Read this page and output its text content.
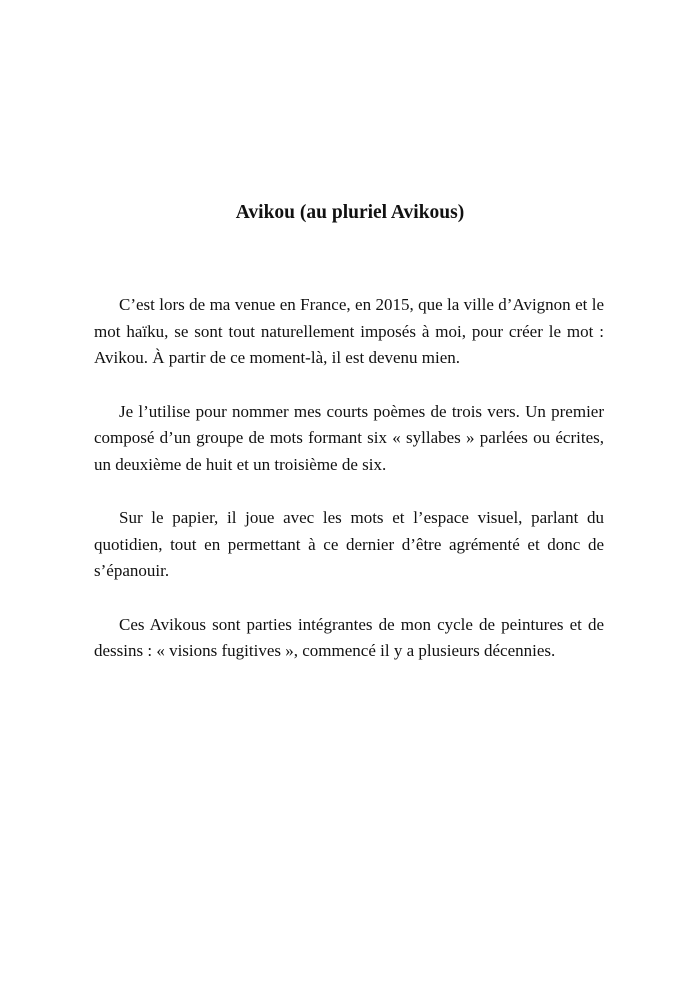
Avikou (au pluriel Avikous)

C’est lors de ma venue en France, en 2015, que la ville d’Avignon et le mot haïku, se sont tout naturellement imposés à moi, pour créer le mot : Avikou. À partir de ce moment-là, il est devenu mien.

Je l’utilise pour nommer mes courts poèmes de trois vers. Un premier composé d’un groupe de mots formant six « syllabes » parlées ou écrites, un deuxième de huit et un troisième de six.

Sur le papier, il joue avec les mots et l’espace visuel, parlant du quotidien, tout en permettant à ce dernier d’être agrémenté et donc de s’épanouir.

Ces Avikous sont parties intégrantes de mon cycle de peintures et de dessins : « visions fugitives », commencé il y a plusieurs décennies.
